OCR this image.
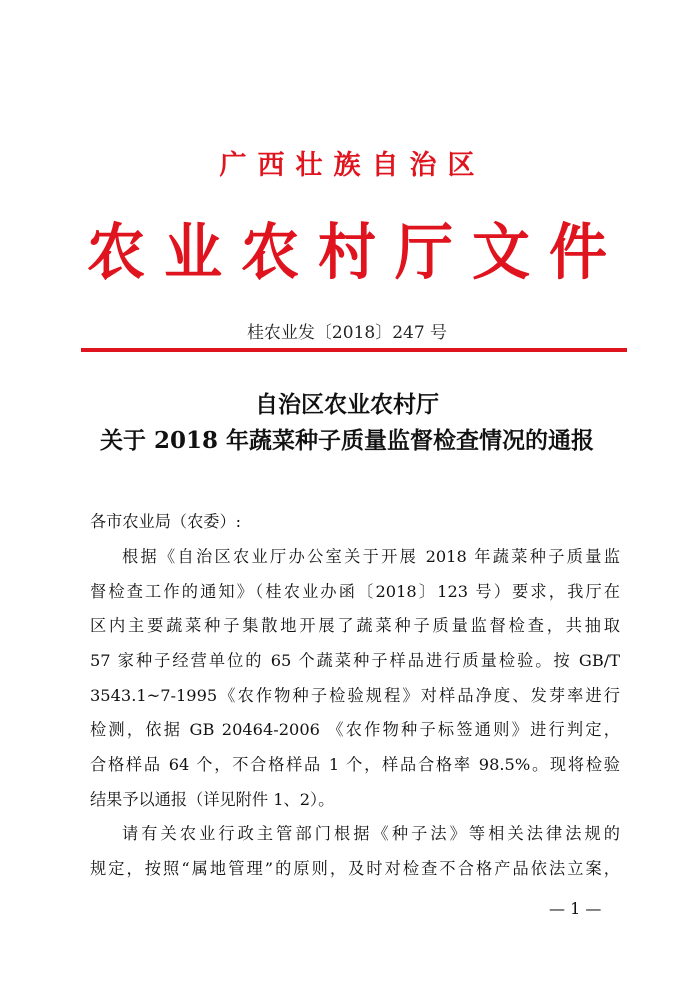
广西壮族自治区
农业农村厅文件
桂农业发〔2018〕247 号
自治区农业农村厅
关于 2018 年蔬菜种子质量监督检查情况的通报
各市农业局（农委）:
根据《自治区农业厅办公室关于开展 2018 年蔬菜种子质量监
督检查工作的通知》（桂农业办函〔2018〕123 号）要求，我厅在
区内主要蔬菜种子集散地开展了蔬菜种子质量监督检查，共抽取
57 家种子经营单位的 65 个蔬菜种子样品进行质量检验。按 GB/T
3543.1~7-1995《农作物种子检验规程》对样品净度、发芽率进行
检测，依据 GB 20464-2006 《农作物种子标签通则》进行判定，
合格样品 64 个，不合格样品 1 个，样品合格率 98.5%。现将检验
结果予以通报（详见附件 1、2）。
请有关农业行政主管部门根据《种子法》等相关法律法规的
规定，按照“属地管理”的原则，及时对检查不合格产品依法立案，
— 1 —
